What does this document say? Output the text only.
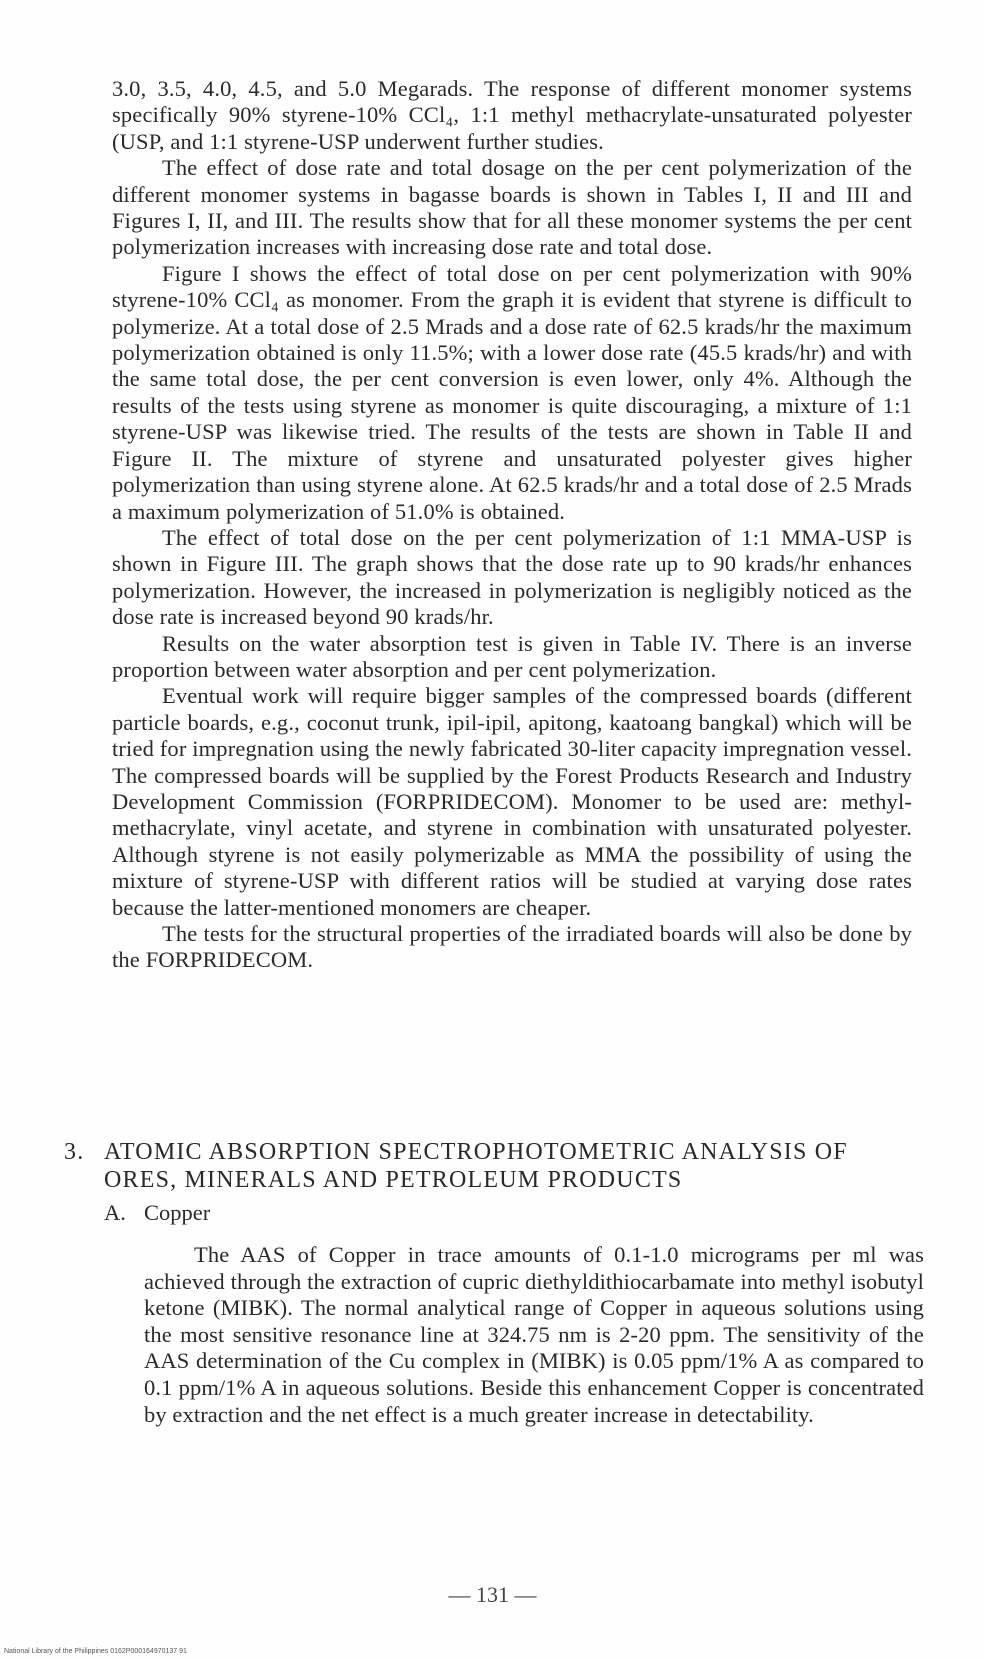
3.0, 3.5, 4.0, 4.5, and 5.0 Megarads. The response of different monomer systems specifically 90% styrene-10% CCl₄, 1:1 methyl methacrylate-unsaturated polyester (USP, and 1:1 styrene-USP underwent further studies.

The effect of dose rate and total dosage on the per cent polymerization of the different monomer systems in bagasse boards is shown in Tables I, II and III and Figures I, II, and III. The results show that for all these monomer systems the per cent polymerization increases with increasing dose rate and total dose.

Figure I shows the effect of total dose on per cent polymerization with 90% styrene-10% CCl₄ as monomer. From the graph it is evident that styrene is difficult to polymerize. At a total dose of 2.5 Mrads and a dose rate of 62.5 krads/hr the maximum polymerization obtained is only 11.5%; with a lower dose rate (45.5 krads/hr) and with the same total dose, the per cent conversion is even lower, only 4%. Although the results of the tests using styrene as monomer is quite discouraging, a mixture of 1:1 styrene-USP was likewise tried. The results of the tests are shown in Table II and Figure II. The mixture of styrene and unsaturated polyester gives higher polymerization than using styrene alone. At 62.5 krads/hr and a total dose of 2.5 Mrads a maximum polymerization of 51.0% is obtained.

The effect of total dose on the per cent polymerization of 1:1 MMA-USP is shown in Figure III. The graph shows that the dose rate up to 90 krads/hr enhances polymerization. However, the increased in polymerization is negligibly noticed as the dose rate is increased beyond 90 krads/hr.

Results on the water absorption test is given in Table IV. There is an inverse proportion between water absorption and per cent polymerization.

Eventual work will require bigger samples of the compressed boards (different particle boards, e.g., coconut trunk, ipil-ipil, apitong, kaatoang bangkal) which will be tried for impregnation using the newly fabricated 30-liter capacity impregnation vessel. The compressed boards will be supplied by the Forest Products Research and Industry Development Commission (FORPRIDECOM). Monomer to be used are: methyl-methacrylate, vinyl acetate, and styrene in combination with unsaturated polyester. Although styrene is not easily polymerizable as MMA the possibility of using the mixture of styrene-USP with different ratios will be studied at varying dose rates because the latter-mentioned monomers are cheaper.

The tests for the structural properties of the irradiated boards will also be done by the FORPRIDECOM.

3. ATOMIC ABSORPTION SPECTROPHOTOMETRIC ANALYSIS OF ORES, MINERALS AND PETROLEUM PRODUCTS
A. Copper
The AAS of Copper in trace amounts of 0.1-1.0 micrograms per ml was achieved through the extraction of cupric diethyldithiocarbamate into methyl isobutyl ketone (MIBK). The normal analytical range of Copper in aqueous solutions using the most sensitive resonance line at 324.75 nm is 2-20 ppm. The sensitivity of the AAS determination of the Cu complex in (MIBK) is 0.05 ppm/1% A as compared to 0.1 ppm/1% A in aqueous solutions. Beside this enhancement Copper is concentrated by extraction and the net effect is a much greater increase in detectability.
— 131 —
National Library of the Philippines 0162P000164970137 91
